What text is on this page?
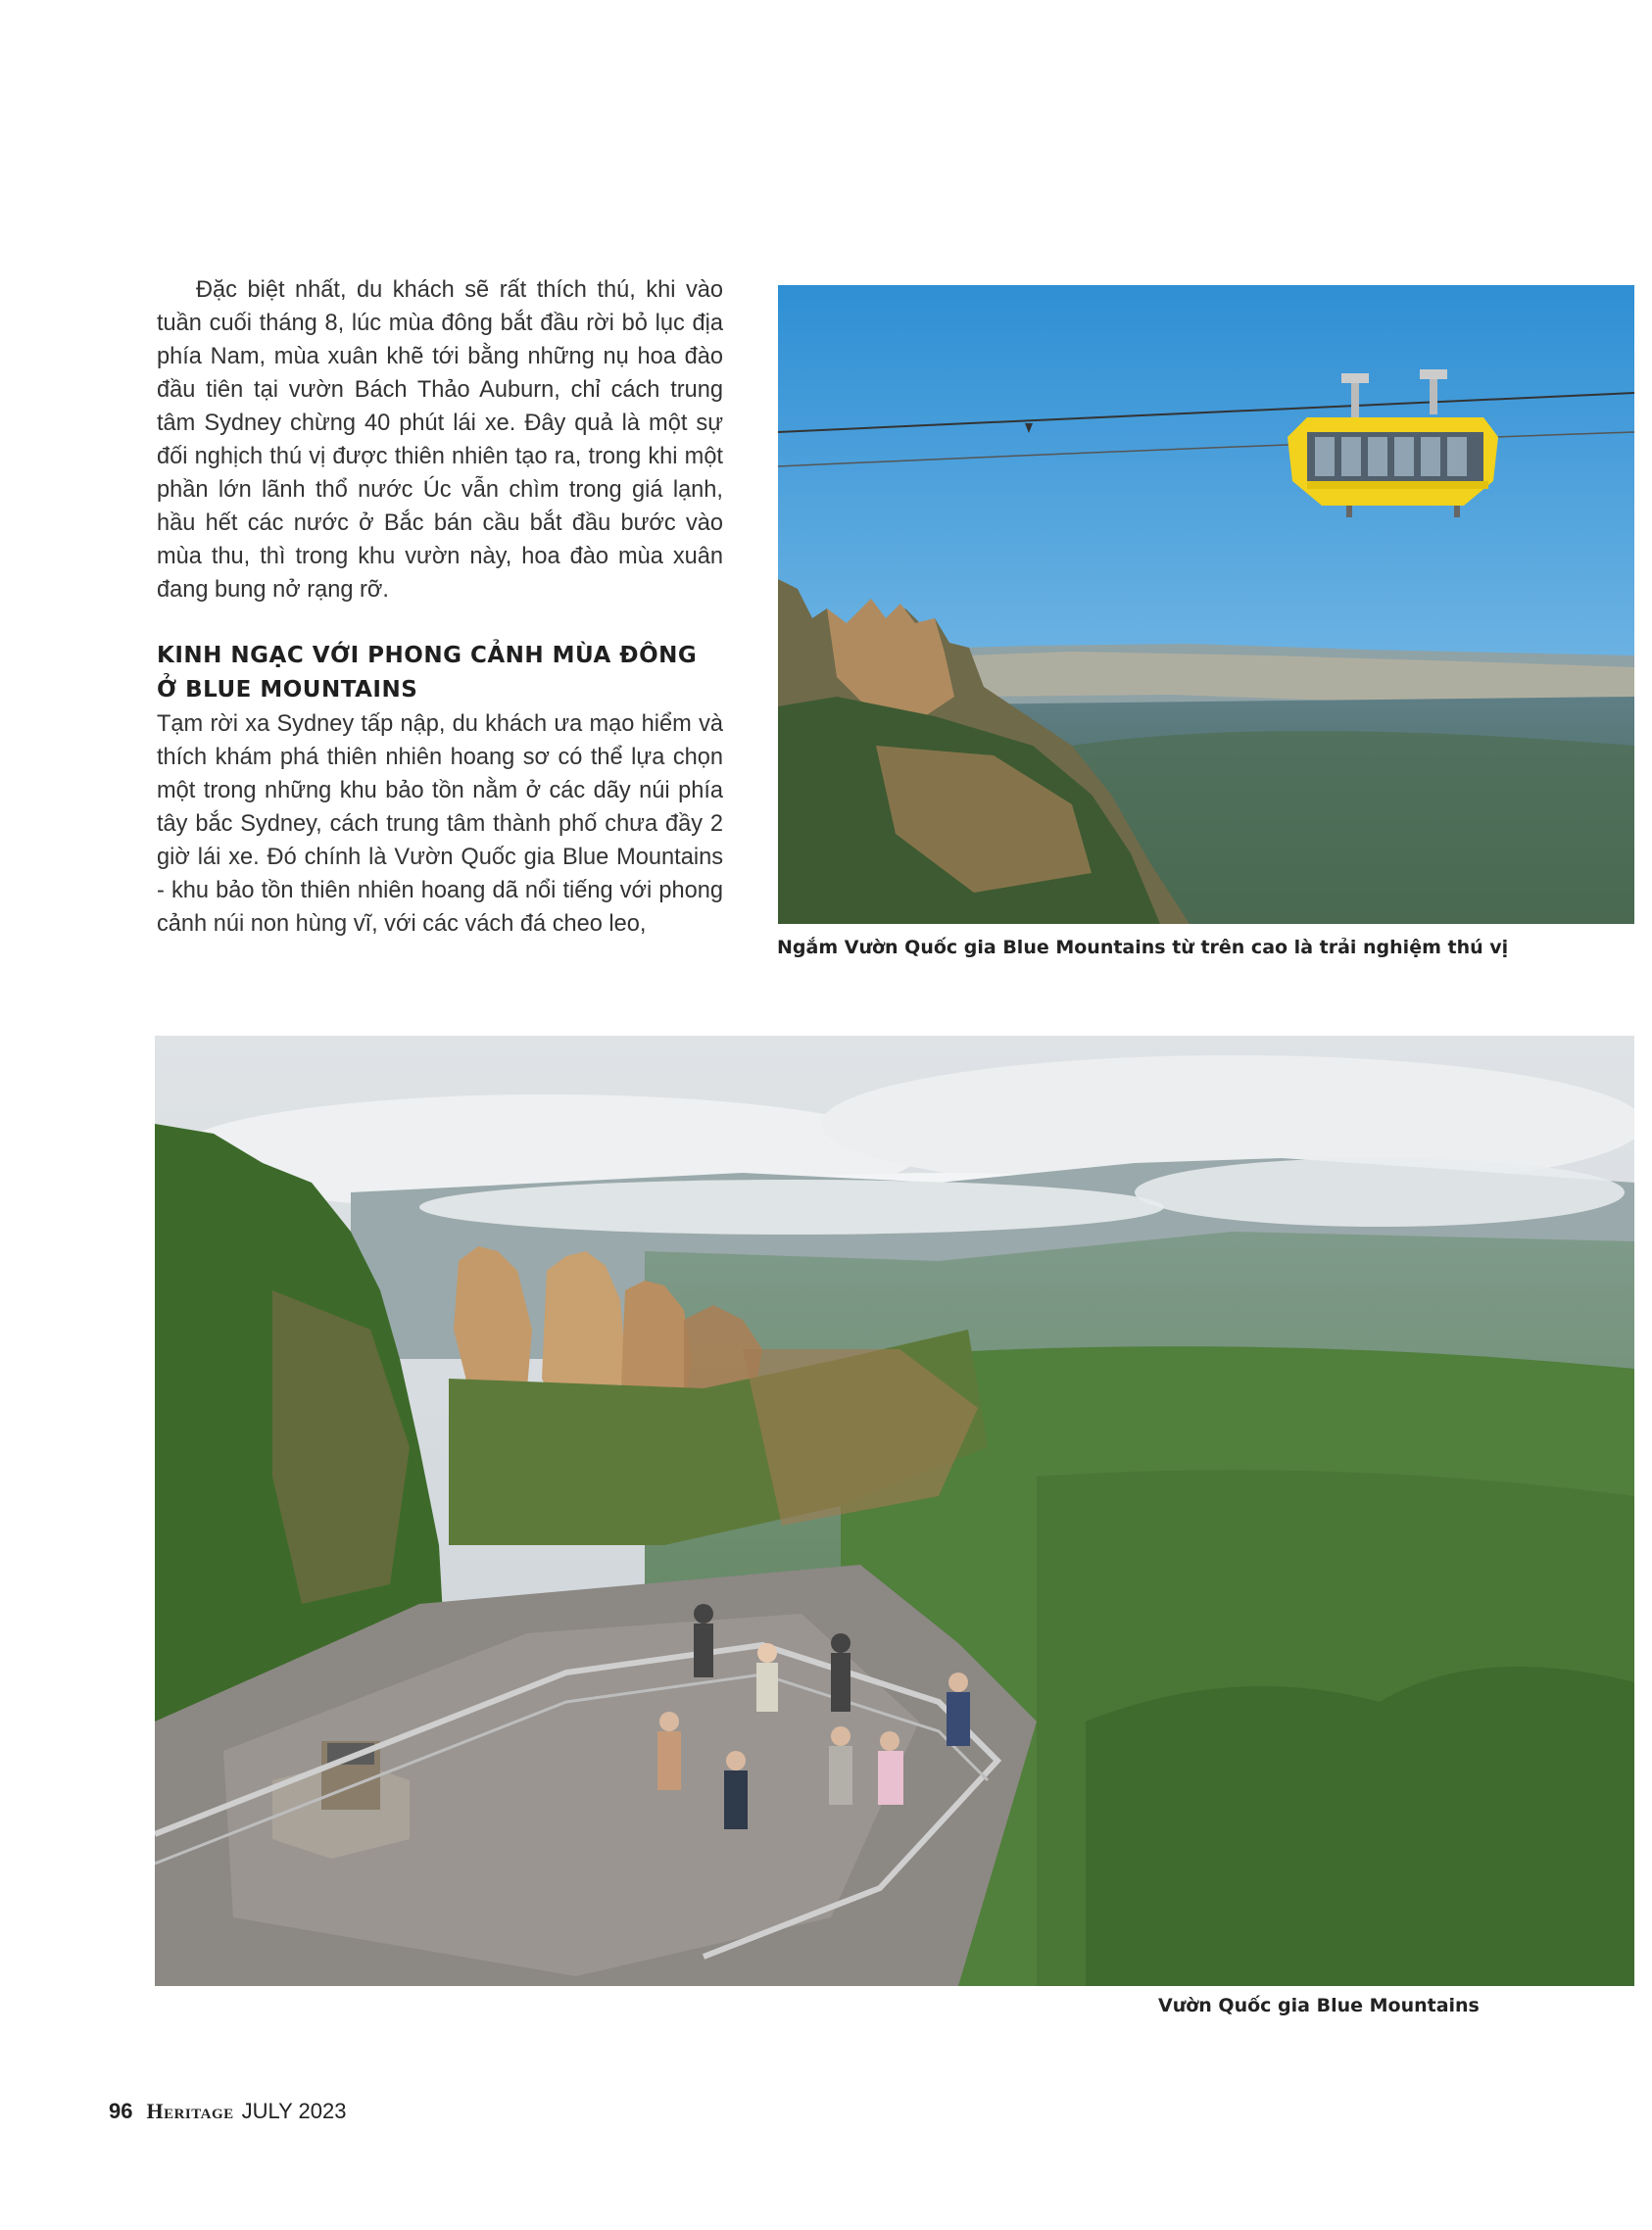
Đặc biệt nhất, du khách sẽ rất thích thú, khi vào tuần cuối tháng 8, lúc mùa đông bắt đầu rời bỏ lục địa phía Nam, mùa xuân khẽ tới bằng những nụ hoa đào đầu tiên tại vườn Bách Thảo Auburn, chỉ cách trung tâm Sydney chừng 40 phút lái xe. Đây quả là một sự đối nghịch thú vị được thiên nhiên tạo ra, trong khi một phần lớn lãnh thổ nước Úc vẫn chìm trong giá lạnh, hầu hết các nước ở Bắc bán cầu bắt đầu bước vào mùa thu, thì trong khu vườn này, hoa đào mùa xuân đang bung nở rạng rỡ.

KINH NGẠC VỚI PHONG CẢNH MÙA ĐÔNG
Ở BLUE MOUNTAINS

Tạm rời xa Sydney tấp nập, du khách ưa mạo hiểm và thích khám phá thiên nhiên hoang sơ có thể lựa chọn một trong những khu bảo tồn nằm ở các dãy núi phía tây bắc Sydney, cách trung tâm thành phố chưa đầy 2 giờ lái xe. Đó chính là Vườn Quốc gia Blue Mountains - khu bảo tồn thiên nhiên hoang dã nổi tiếng với phong cảnh núi non hùng vĩ, với các vách đá cheo leo,

Ngắm Vườn Quốc gia Blue Mountains từ trên cao là trải nghiệm thú vị
Vườn Quốc gia Blue Mountains
96 Heritage JULY 2023
